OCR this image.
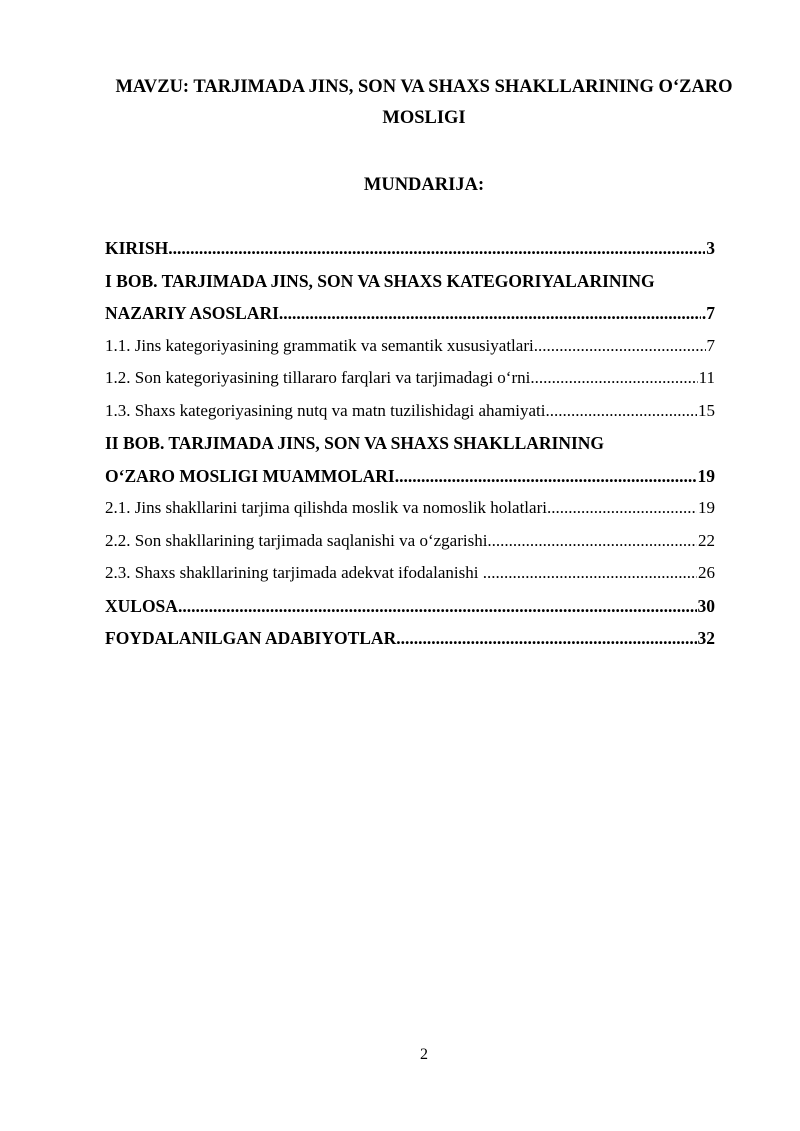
MAVZU: TARJIMADA JINS, SON VA SHAXS SHAKLLARINING O‘ZARO
MOSLIGI
MUNDARIJA:
KIRISH .....	3
I BOB. TARJIMADA JINS, SON VA SHAXS KATEGORIYALARINING
NAZARIY ASOSLARI .....	.7
1.1. Jins kategoriyasining grammatik va semantik xususiyatlari .....	7
1.2. Son kategoriyasining tillararo farqlari va tarjimadagi o‘rni .....	11
1.3. Shaxs kategoriyasining nutq va matn tuzilishidagi ahamiyati .....	15
II BOB. TARJIMADA JINS, SON VA SHAXS SHAKLLARINING
O‘ZARO MOSLIGI MUAMMOLARI .....	19
2.1. Jins shakllarini tarjima qilishda moslik va nomoslik holatlari .....	19
2.2. Son shakllarining tarjimada saqlanishi va o‘zgarishi .....	22
2.3. Shaxs shakllarining tarjimada adekvat ifodalanishi .....	26
XULOSA .....	30
FOYDALANILGAN ADABIYOTLAR .....	32
2
